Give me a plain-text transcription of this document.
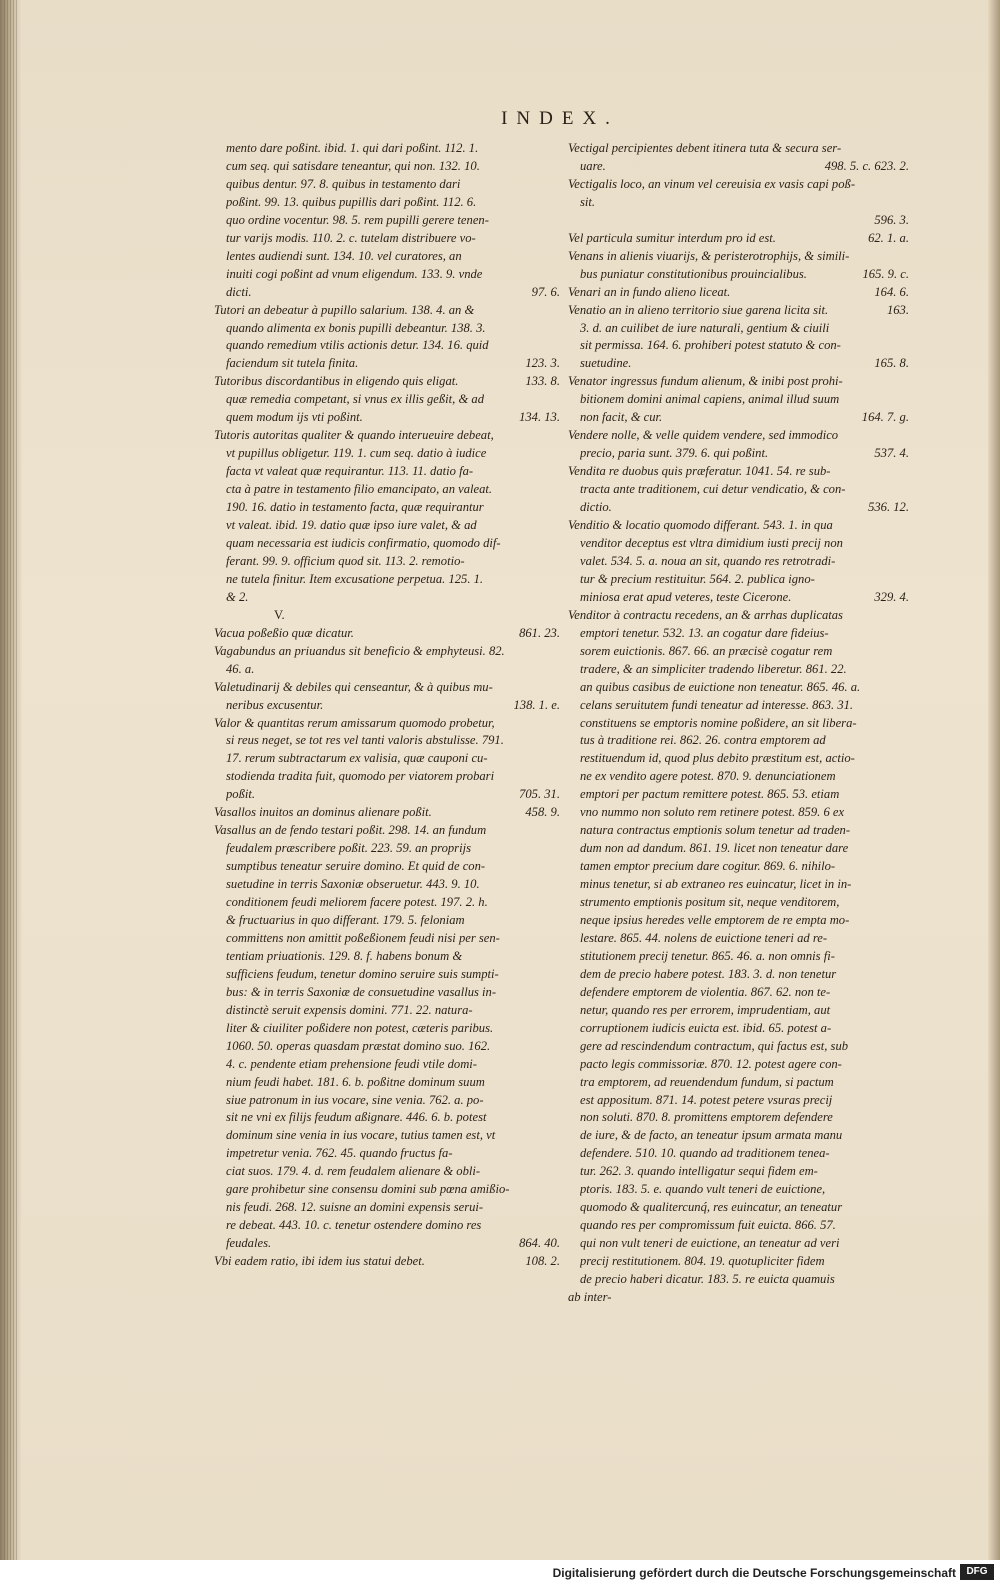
INDEX.
mento dare poßint. ibid. 1. qui dari poßint. 112. 1.
cum seq. qui satisdare teneantur, qui non. 132. 10.
quibus dentur. 97. 8. quibus in testamento dari
poßint. 99. 13. quibus pupillis dari poßint. 112. 6.
quo ordine vocentur. 98. 5. rem pupilli gerere tenen-
tur varijs modis. 110. 2. c. tutelam distribuere vo-
lentes audiendi sunt. 134. 10. vel curatores, an
inuiti cogi poßint ad vnum eligendum. 133. 9. vnde
dicti.	97. 6.
Tutori an debeatur à pupillo salarium. 138. 4. an &
quando alimenta ex bonis pupilli debeantur. 138. 3.
quando remedium vtilis actionis detur. 134. 16. quid
faciendum sit tutela finita.	123. 3.
Tutoribus discordantibus in eligendo quis eligat.	133. 8.
quæ remedia competant, si vnus ex illis geßit, & ad
quem modum ijs vti poßint.	134. 13.
Tutoris autoritas qualiter & quando interueuire debeat,
vt pupillus obligetur. 119. 1. cum seq. datio à iudice
facta vt valeat quæ requirantur. 113. 11. datio fa-
cta à patre in testamento filio emancipato, an valeat.
190. 16. datio in testamento facta, quæ requirantur
vt valeat. ibid. 19. datio quæ ipso iure valet, & ad
quam necessaria est iudicis confirmatio, quomodo dif-
ferant. 99. 9. officium quod sit. 113. 2. remotio-
ne tutela finitur. Item excusatione perpetua. 125. 1.
& 2.
V.
Vacua poßeßio quæ dicatur.	861. 23.
Vagabundus an priuandus sit beneficio & emphyteusi. 82.
46. a.
Valetudinarij & debiles qui censeantur, & à quibus mu-
neribus excusentur.	138. 1. e.
Valor & quantitas rerum amissarum quomodo probetur,
si reus neget, se tot res vel tanti valoris abstulisse. 791.
17. rerum subtractarum ex valisia, quæ cauponi cu-
stodienda tradita fuit, quomodo per viatorem probari
poßit.	705. 31.
Vasallos inuitos an dominus alienare poßit.	458. 9.
Vasallus an de fendo testari poßit. 298. 14. an fundum
feudalem præscribere poßit. 223. 59. an proprijs
sumptibus teneatur seruire domino. Et quid de con-
suetudine in terris Saxoniæ obseruetur. 443. 9. 10.
conditionem feudi meliorem facere potest. 197. 2. h.
& fructuarius in quo differant. 179. 5. feloniam
committens non amittit poßeßionem feudi nisi per sen-
tentiam priuationis. 129. 8. f. habens bonum &
sufficiens feudum, tenetur domino seruire suis sumpti-
bus: & in terris Saxoniæ de consuetudine vasallus in-
distinctè seruit expensis domini. 771. 22. natura-
liter & ciuiliter poßidere non potest, cæteris paribus.
1060. 50. operas quasdam præstat domino suo. 162.
4. c. pendente etiam prehensione feudi vtile domi-
nium feudi habet. 181. 6. b. poßitne dominum suum
siue patronum in ius vocare, sine venia. 762. a. po-
sit ne vni ex filijs feudum aßignare. 446. 6. b. potest
dominum sine venia in ius vocare, tutius tamen est, vt
impetretur venia. 762. 45. quando fructus fa-
ciat suos. 179. 4. d. rem feudalem alienare & obli-
gare prohibetur sine consensu domini sub pœna amißio-
nis feudi. 268. 12. suisne an domini expensis serui-
re debeat. 443. 10. c. tenetur ostendere domino res
feudales.	864. 40.
Vbi eadem ratio, ibi idem ius statui debet.	108. 2.
Vectigal percipientes debent itinera tuta & secura ser-
uare.	498. 5. c. 623. 2.
Vectigalis loco, an vinum vel cereuisia ex vasis capi poß-
sit.
596. 3.
Vel particula sumitur interdum pro id est.	62. 1. a.
Venans in alienis viuarijs, & peristerotrophijs, & simili-
bus puniatur constitutionibus prouincialibus.	165. 9. c.
Venari an in fundo alieno liceat.	164. 6.
Venatio an in alieno territorio siue garena licita sit.	163.
3. d. an cuilibet de iure naturali, gentium & ciuili
sit permissa. 164. 6. prohiberi potest statuto & con-
suetudine.	165. 8.
Venator ingressus fundum alienum, & inibi post prohi-
bitionem domini animal capiens, animal illud suum
non facit, & cur.	164. 7. g.
Vendere nolle, & velle quidem vendere, sed immodico
precio, paria sunt. 379. 6. qui poßint.	537. 4.
Vendita re duobus quis præferatur. 1041. 54. re sub-
tracta ante traditionem, cui detur vendicatio, & con-
dictio.	536. 12.
Venditio & locatio quomodo differant. 543. 1. in qua
venditor deceptus est vltra dimidium iusti precij non
valet. 534. 5. a. noua an sit, quando res retrotradi-
tur & precium restituitur. 564. 2. publica igno-
miniosa erat apud veteres, teste Cicerone.	329. 4.
Venditor à contractu recedens, an & arrhas duplicatas
emptori tenetur. 532. 13. an cogatur dare fideius-
sorem euictionis. 867. 66. an præcisè cogatur rem
tradere, & an simpliciter tradendo liberetur. 861. 22.
an quibus casibus de euictione non teneatur. 865. 46. a.
celans seruitutem fundi teneatur ad interesse. 863. 31.
constituens se emptoris nomine poßidere, an sit libera-
tus à traditione rei. 862. 26. contra emptorem ad
restituendum id, quod plus debito præstitum est, actio-
ne ex vendito agere potest. 870. 9. denunciationem
emptori per pactum remittere potest. 865. 53. etiam
vno nummo non soluto rem retinere potest. 859. 6 ex
natura contractus emptionis solum tenetur ad traden-
dum non ad dandum. 861. 19. licet non teneatur dare
tamen emptor precium dare cogitur. 869. 6. nihilo-
minus tenetur, si ab extraneo res euincatur, licet in in-
strumento emptionis positum sit, neque venditorem,
neque ipsius heredes velle emptorem de re empta mo-
lestare. 865. 44. nolens de euictione teneri ad re-
stitutionem precij tenetur. 865. 46. a. non omnis fi-
dem de precio habere potest. 183. 3. d. non tenetur
defendere emptorem de violentia. 867. 62. non te-
netur, quando res per errorem, imprudentiam, aut
corruptionem iudicis euicta est. ibid. 65. potest a-
gere ad rescindendum contractum, qui factus est, sub
pacto legis commissoriæ. 870. 12. potest agere con-
tra emptorem, ad reuendendum fundum, si pactum
est appositum. 871. 14. potest petere vsuras precij
non soluti. 870. 8. promittens emptorem defendere
de iure, & de facto, an teneatur ipsum armata manu
defendere. 510. 10. quando ad traditionem tenea-
tur. 262. 3. quando intelligatur sequi fidem em-
ptoris. 183. 5. e. quando vult teneri de euictione,
quomodo & qualitercunq́, res euincatur, an teneatur
quando res per compromissum fuit euicta. 866. 57.
qui non vult teneri de euictione, an teneatur ad veri
precij restitutionem. 804. 19. quotupliciter fidem
de precio haberi dicatur. 183. 5. re euicta quamuis
ab inter-
Digitalisierung gefördert durch die Deutsche Forschungsgemeinschaft	DFG
